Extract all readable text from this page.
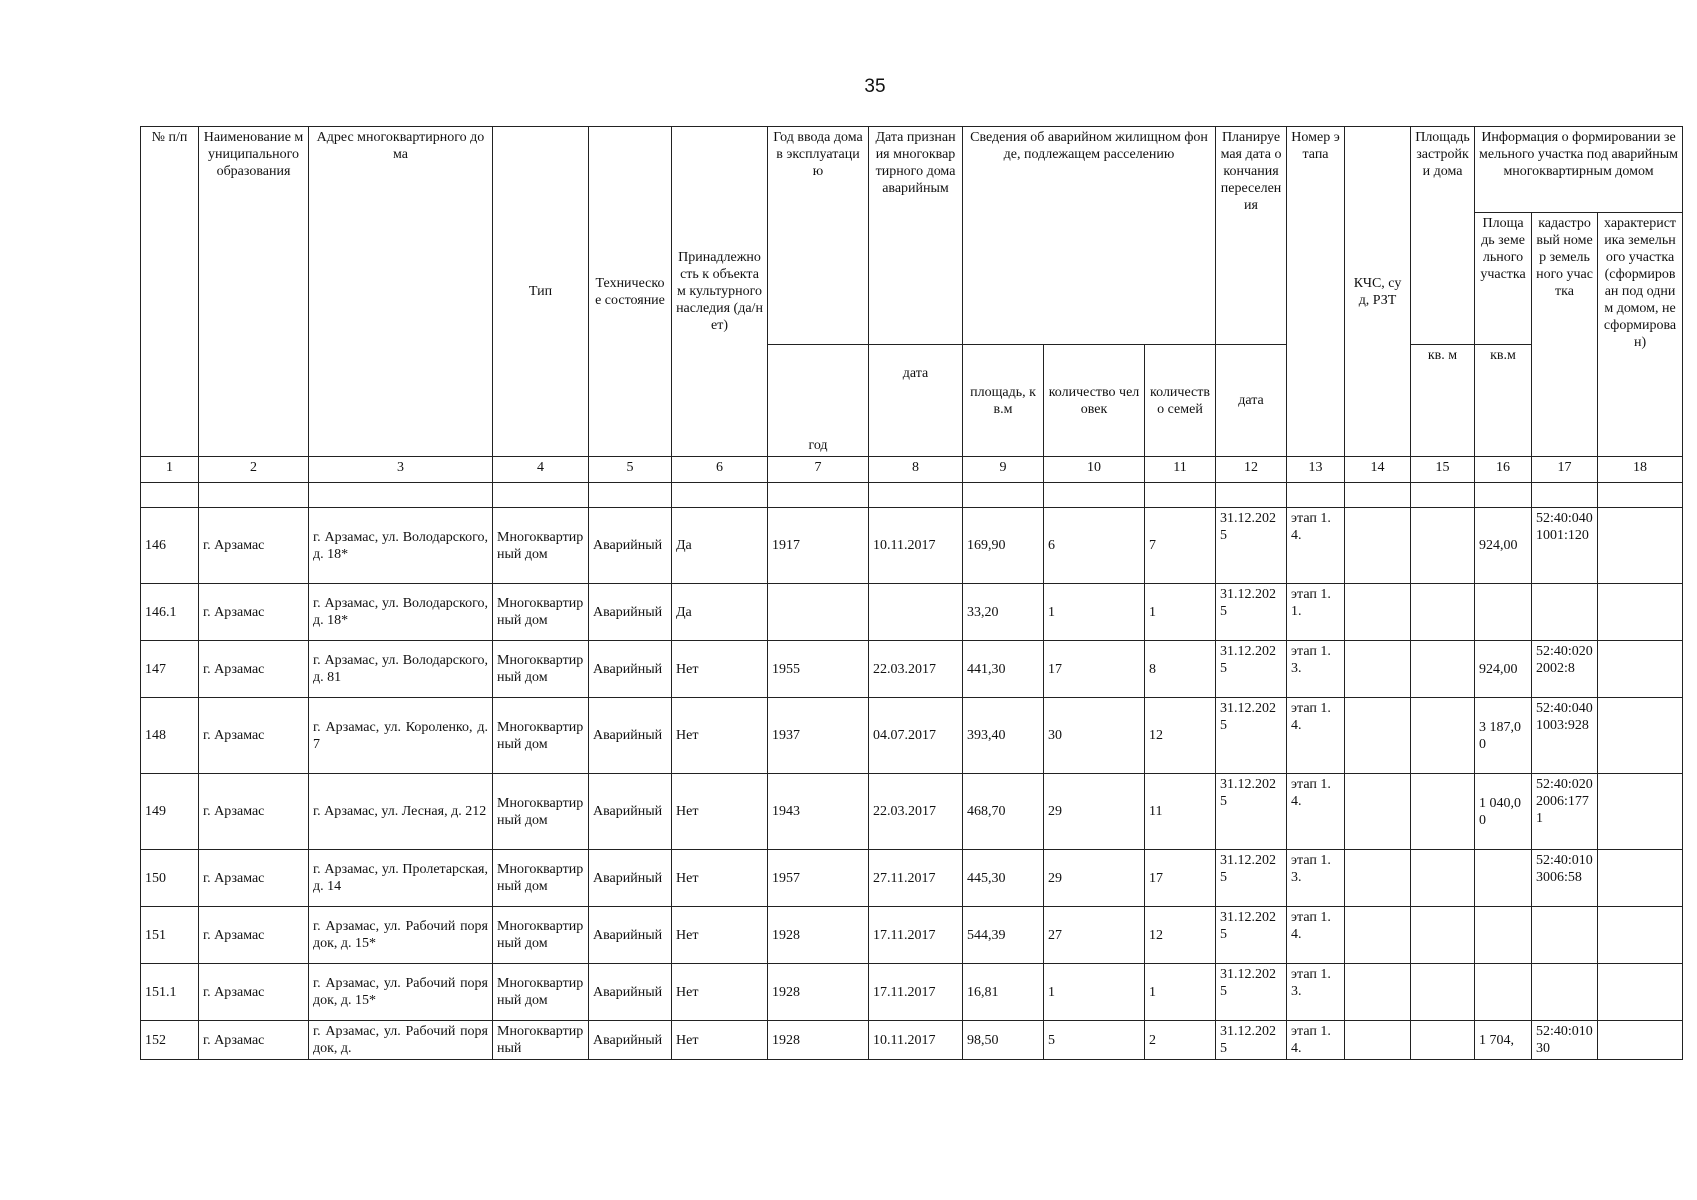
35
№ п/п	Наименование муниципального образования	Адрес многоквартирного дома	Тип	Техническое состояние	Принадлежность к объектам культурного наследия (да/нет)	Год ввода дома в эксплуатацию	Дата признания многоквартирного дома аварийным	Сведения об аварийном жилищном фонде, подлежащем расселению			Планируемая дата окончания переселения	Номер этапа	КЧС, суд, РЗТ	Площадь застройки дома	Информация о формировании земельного участка под аварийным многоквартирным домом		
															Площадь земельного участка	кадастровый номер земельного участка	характеристика земельного участка (сформирован под одним домом, не сформирован)
						год	дата	площадь, кв.м	количество человек	количество семей	дата			кв. м	кв.м		
1	2	3	4	5	6	7	8	9	10	11	12	13	14	15	16	17	18

146	г. Арзамас	г. Арзамас, ул. Володарского, д. 18*	Многоквартирный дом	Аварийный	Да	1917	10.11.2017	169,90	6	7	31.12.2025	этап 1.4.			924,00	52:40:0401001:120	
146.1	г. Арзамас	г. Арзамас, ул. Володарского, д. 18*	Многоквартирный дом	Аварийный	Да			33,20	1	1	31.12.2025	этап 1.1.					
147	г. Арзамас	г. Арзамас, ул. Володарского, д. 81	Многоквартирный дом	Аварийный	Нет	1955	22.03.2017	441,30	17	8	31.12.2025	этап 1.3.			924,00	52:40:0202002:8	
148	г. Арзамас	г. Арзамас, ул. Короленко, д. 7	Многоквартирный дом	Аварийный	Нет	1937	04.07.2017	393,40	30	12	31.12.2025	этап 1.4.			3 187,00	52:40:0401003:928	
149	г. Арзамас	г. Арзамас, ул. Лесная, д. 212	Многоквартирный дом	Аварийный	Нет	1943	22.03.2017	468,70	29	11	31.12.2025	этап 1.4.			1 040,00	52:40:0202006:1771	
150	г. Арзамас	г. Арзамас, ул. Пролетарская, д. 14	Многоквартирный дом	Аварийный	Нет	1957	27.11.2017	445,30	29	17	31.12.2025	этап 1.3.				52:40:0103006:58	
151	г. Арзамас	г. Арзамас, ул. Рабочий порядок, д. 15*	Многоквартирный дом	Аварийный	Нет	1928	17.11.2017	544,39	27	12	31.12.2025	этап 1.4.					
151.1	г. Арзамас	г. Арзамас, ул. Рабочий порядок, д. 15*	Многоквартирный дом	Аварийный	Нет	1928	17.11.2017	16,81	1	1	31.12.2025	этап 1.3.					
152	г. Арзамас	г. Арзамас, ул. Рабочий порядок, д.	Многоквартирный	Аварийный	Нет	1928	10.11.2017	98,50	5	2	31.12.2025	этап 1.4.			1 704,	52:40:01030	
